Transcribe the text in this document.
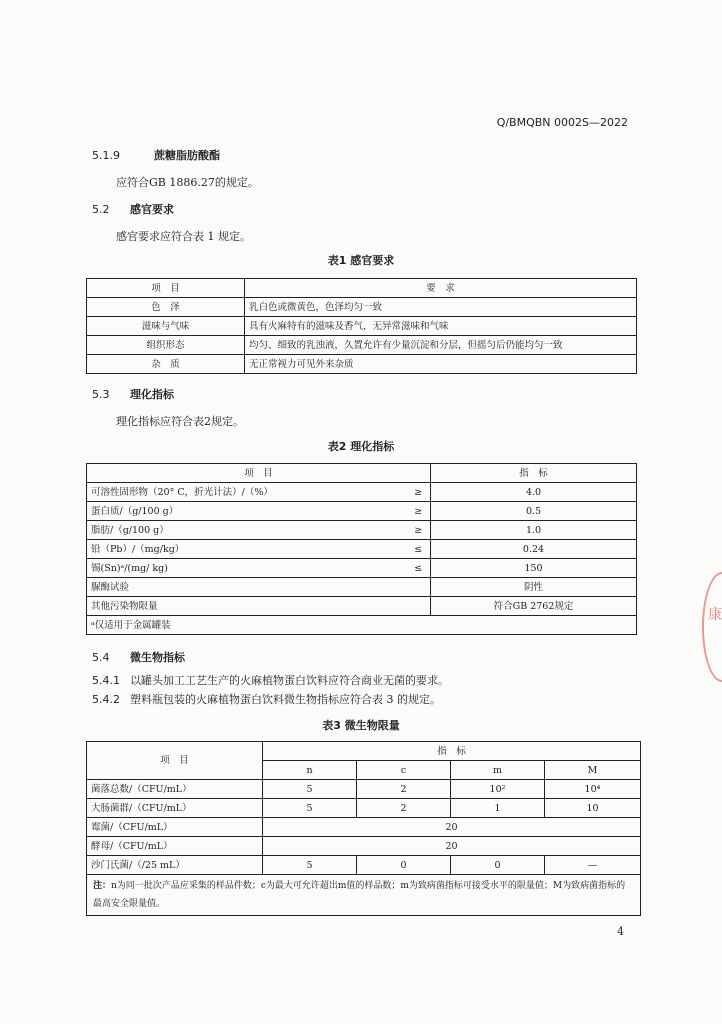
Q/BMQBN 0002S—2022
5.1.9	蔗糖脂肪酸酯
应符合GB 1886.27的规定。
5.2 感官要求
感官要求应符合表 1 规定。
表1 感官要求
项　目	要　求
色　泽	乳白色或微黄色，色泽均匀一致
滋味与气味	具有火麻特有的滋味及香气，无异常滋味和气味
组织形态	均匀、细致的乳浊液，久置允许有少量沉淀和分层，但摇匀后仍能均匀一致
杂　质	无正常视力可见外来杂质
5.3 理化指标
理化指标应符合表2规定。
表2 理化指标
项　目		指　标
可溶性固形物（20° C，折光计法）/（%）	≥	4.0
蛋白质/（g/100 g）	≥	0.5
脂肪/（g/100 g）	≥	1.0
铅（Pb）/（mg/kg）	≤	0.24
锡(Sn)ᵃ/(mg/ kg)	≤	150
脲酶试验		阴性
其他污染物限量		符合GB 2762规定
ᵃ仅适用于金属罐装		
5.4 微生物指标
5.4.1 以罐头加工工艺生产的火麻植物蛋白饮料应符合商业无菌的要求。
5.4.2 塑料瓶包装的火麻植物蛋白饮料微生物指标应符合表 3 的规定。
表3 微生物限量
项　目	指　标			
	n	c	m	M
菌落总数/（CFU/mL）	5	2	10²	10⁴
大肠菌群/（CFU/mL）	5	2	1	10
霉菌/（CFU/mL）	20			
酵母/（CFU/mL）	20			
沙门氏菌/（/25 mL）	5	0	0	—
注：n为同一批次产品应采集的样品件数；c为最大可允许超出m值的样品数；m为致病菌指标可接受水平的限量值；M为致病菌指标的最高安全限量值。				
4
康
